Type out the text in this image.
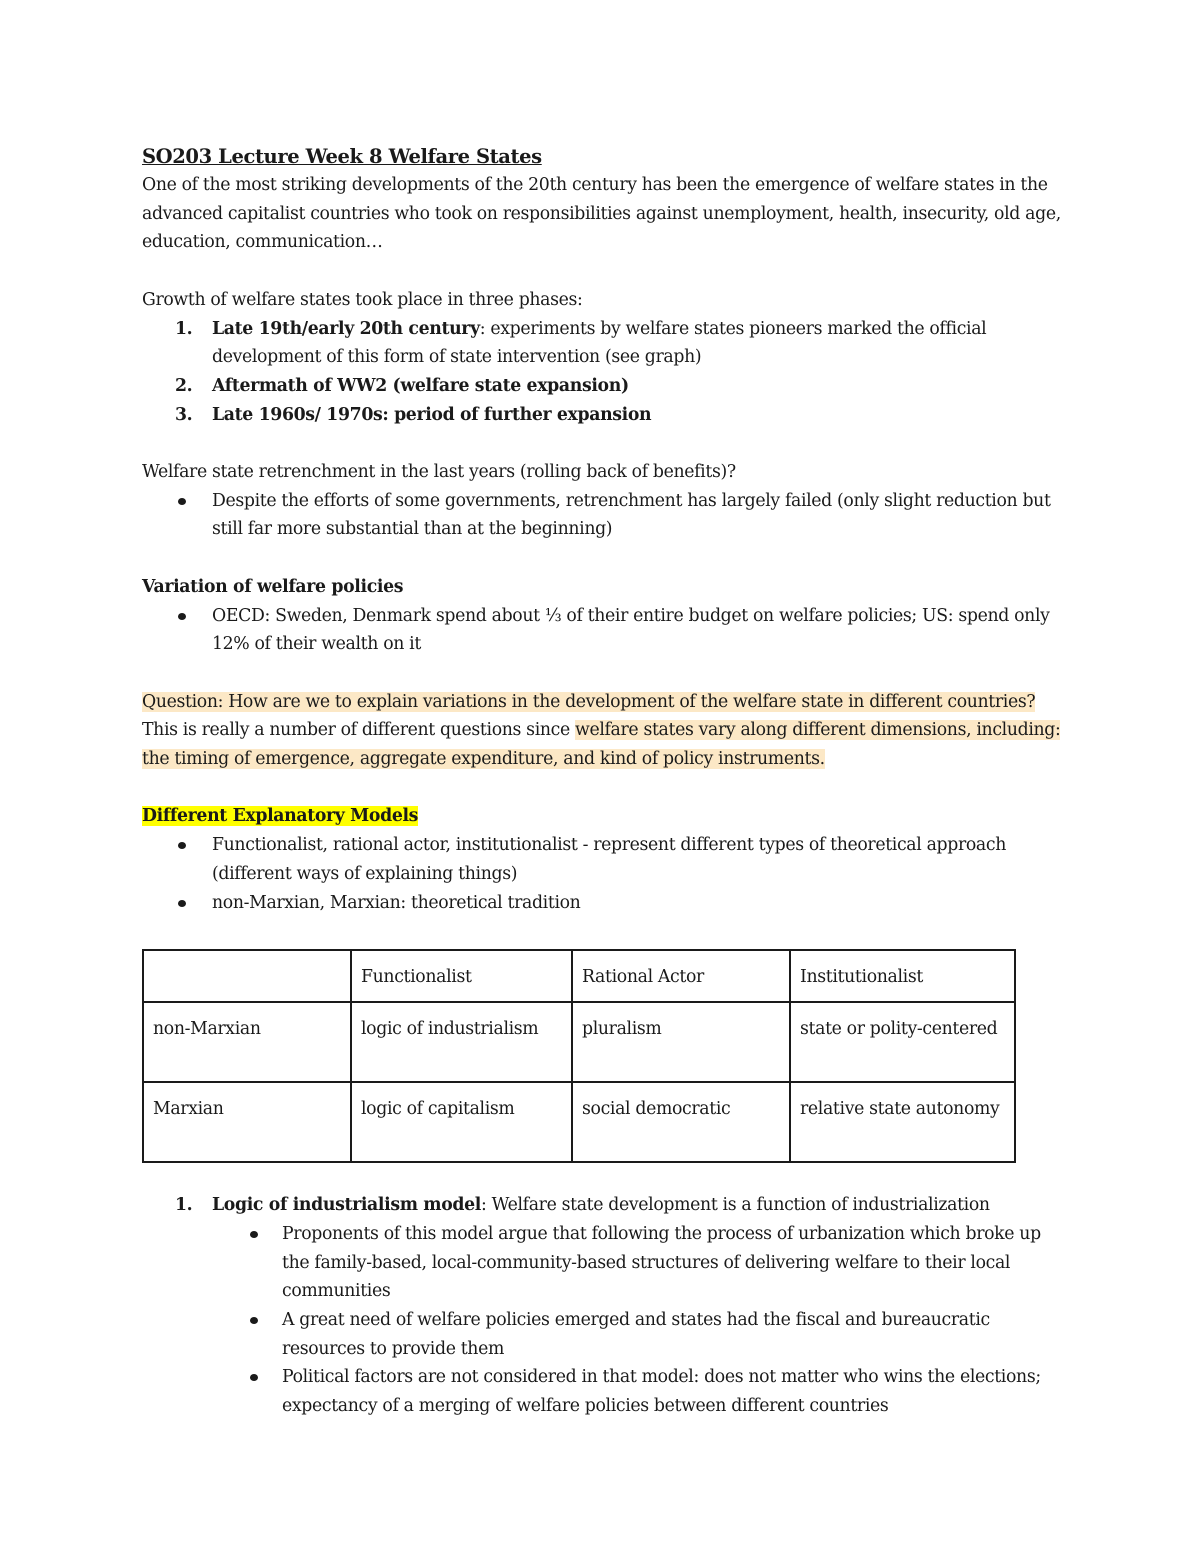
SO203 Lecture Week 8 Welfare States

One of the most striking developments of the 20th century has been the emergence of welfare states in the advanced capitalist countries who took on responsibilities against unemployment, health, insecurity, old age, education, communication…

Growth of welfare states took place in three phases:

1.	Late 19th/early 20th century: experiments by welfare states pioneers marked the official development of this form of state intervention (see graph)
2.	Aftermath of WW2 (welfare state expansion)
3.	Late 1960s/ 1970s: period of further expansion

Welfare state retrenchment in the last years (rolling back of benefits)?

Despite the efforts of some governments, retrenchment has largely failed (only slight reduction but still far more substantial than at the beginning)

Variation of welfare policies

OECD: Sweden, Denmark spend about ⅓ of their entire budget on welfare policies; US: spend only 12% of their wealth on it

Question: How are we to explain variations in the development of the welfare state in different countries? This is really a number of different questions since welfare states vary along different dimensions, including: the timing of emergence, aggregate expenditure, and kind of policy instruments.

Different Explanatory Models

Functionalist, rational actor, institutionalist - represent different types of theoretical approach (different ways of explaining things)
non-Marxian, Marxian: theoretical tradition
	Functionalist	Rational Actor	Institutionalist
non-Marxian	logic of industrialism	pluralism	state or polity-centered
Marxian	logic of capitalism	social democratic	relative state autonomy
1.	Logic of industrialism model: Welfare state development is a function of industrialization
Proponents of this model argue that following the process of urbanization which broke up the family-based, local-community-based structures of delivering welfare to their local communities
A great need of welfare policies emerged and states had the fiscal and bureaucratic resources to provide them
Political factors are not considered in that model: does not matter who wins the elections; expectancy of a merging of welfare policies between different countries
